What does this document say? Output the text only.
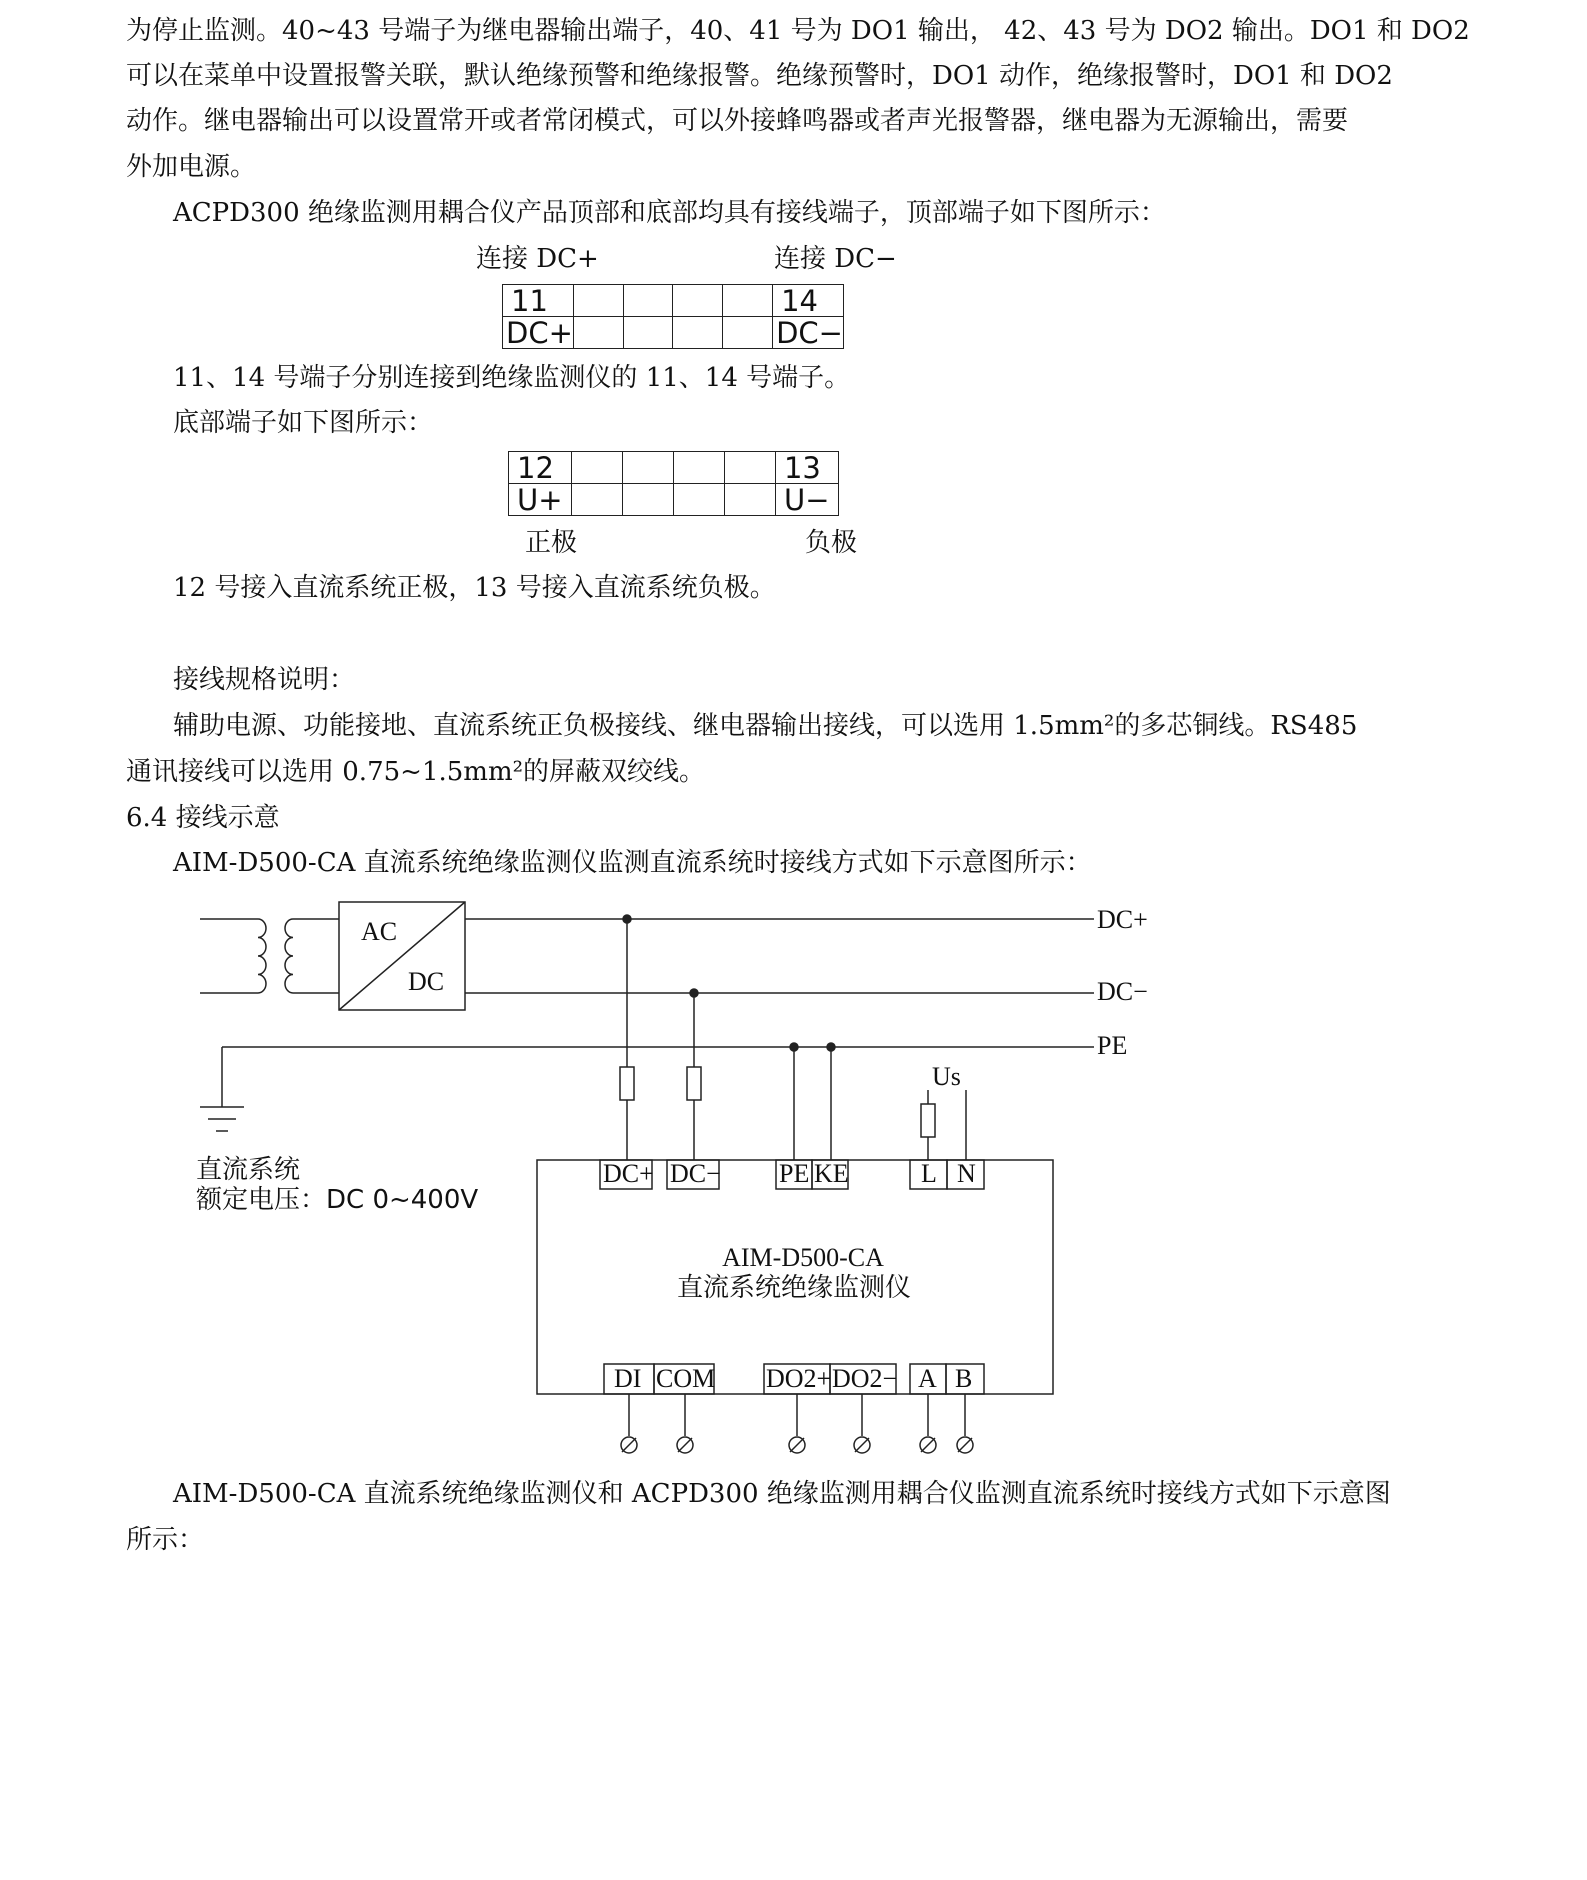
为停止监测。40~43 号端子为继电器输出端子，40、41 号为 DO1 输出， 42、43 号为 DO2 输出。DO1 和 DO2
可以在菜单中设置报警关联，默认绝缘预警和绝缘报警。绝缘预警时，DO1 动作，绝缘报警时，DO1 和 DO2
动作。继电器输出可以设置常开或者常闭模式，可以外接蜂鸣器或者声光报警器，继电器为无源输出，需要
外加电源。
ACPD300 绝缘监测用耦合仪产品顶部和底部均具有接线端子，顶部端子如下图所示：
连接 DC+	连接 DC−
11					14
DC+					DC−
11、14 号端子分别连接到绝缘监测仪的 11、14 号端子。
底部端子如下图所示：
12					13
U+					U−
正极	负极
12 号接入直流系统正极，13 号接入直流系统负极。
接线规格说明：
辅助电源、功能接地、直流系统正负极接线、继电器输出接线，可以选用 1.5mm²的多芯铜线。RS485
通讯接线可以选用 0.75~1.5mm²的屏蔽双绞线。
6.4 接线示意
AIM-D500-CA 直流系统绝缘监测仪监测直流系统时接线方式如下示意图所示：
AC
DC
DC+
DC−
PE
Us
直流系统
额定电压：DC 0~400V
DC+ DC− PE KE	L N
AIM-D500-CA
直流系统绝缘监测仪
DI COM DO2+ DO2− A B
AIM-D500-CA 直流系统绝缘监测仪和 ACPD300 绝缘监测用耦合仪监测直流系统时接线方式如下示意图
所示：
